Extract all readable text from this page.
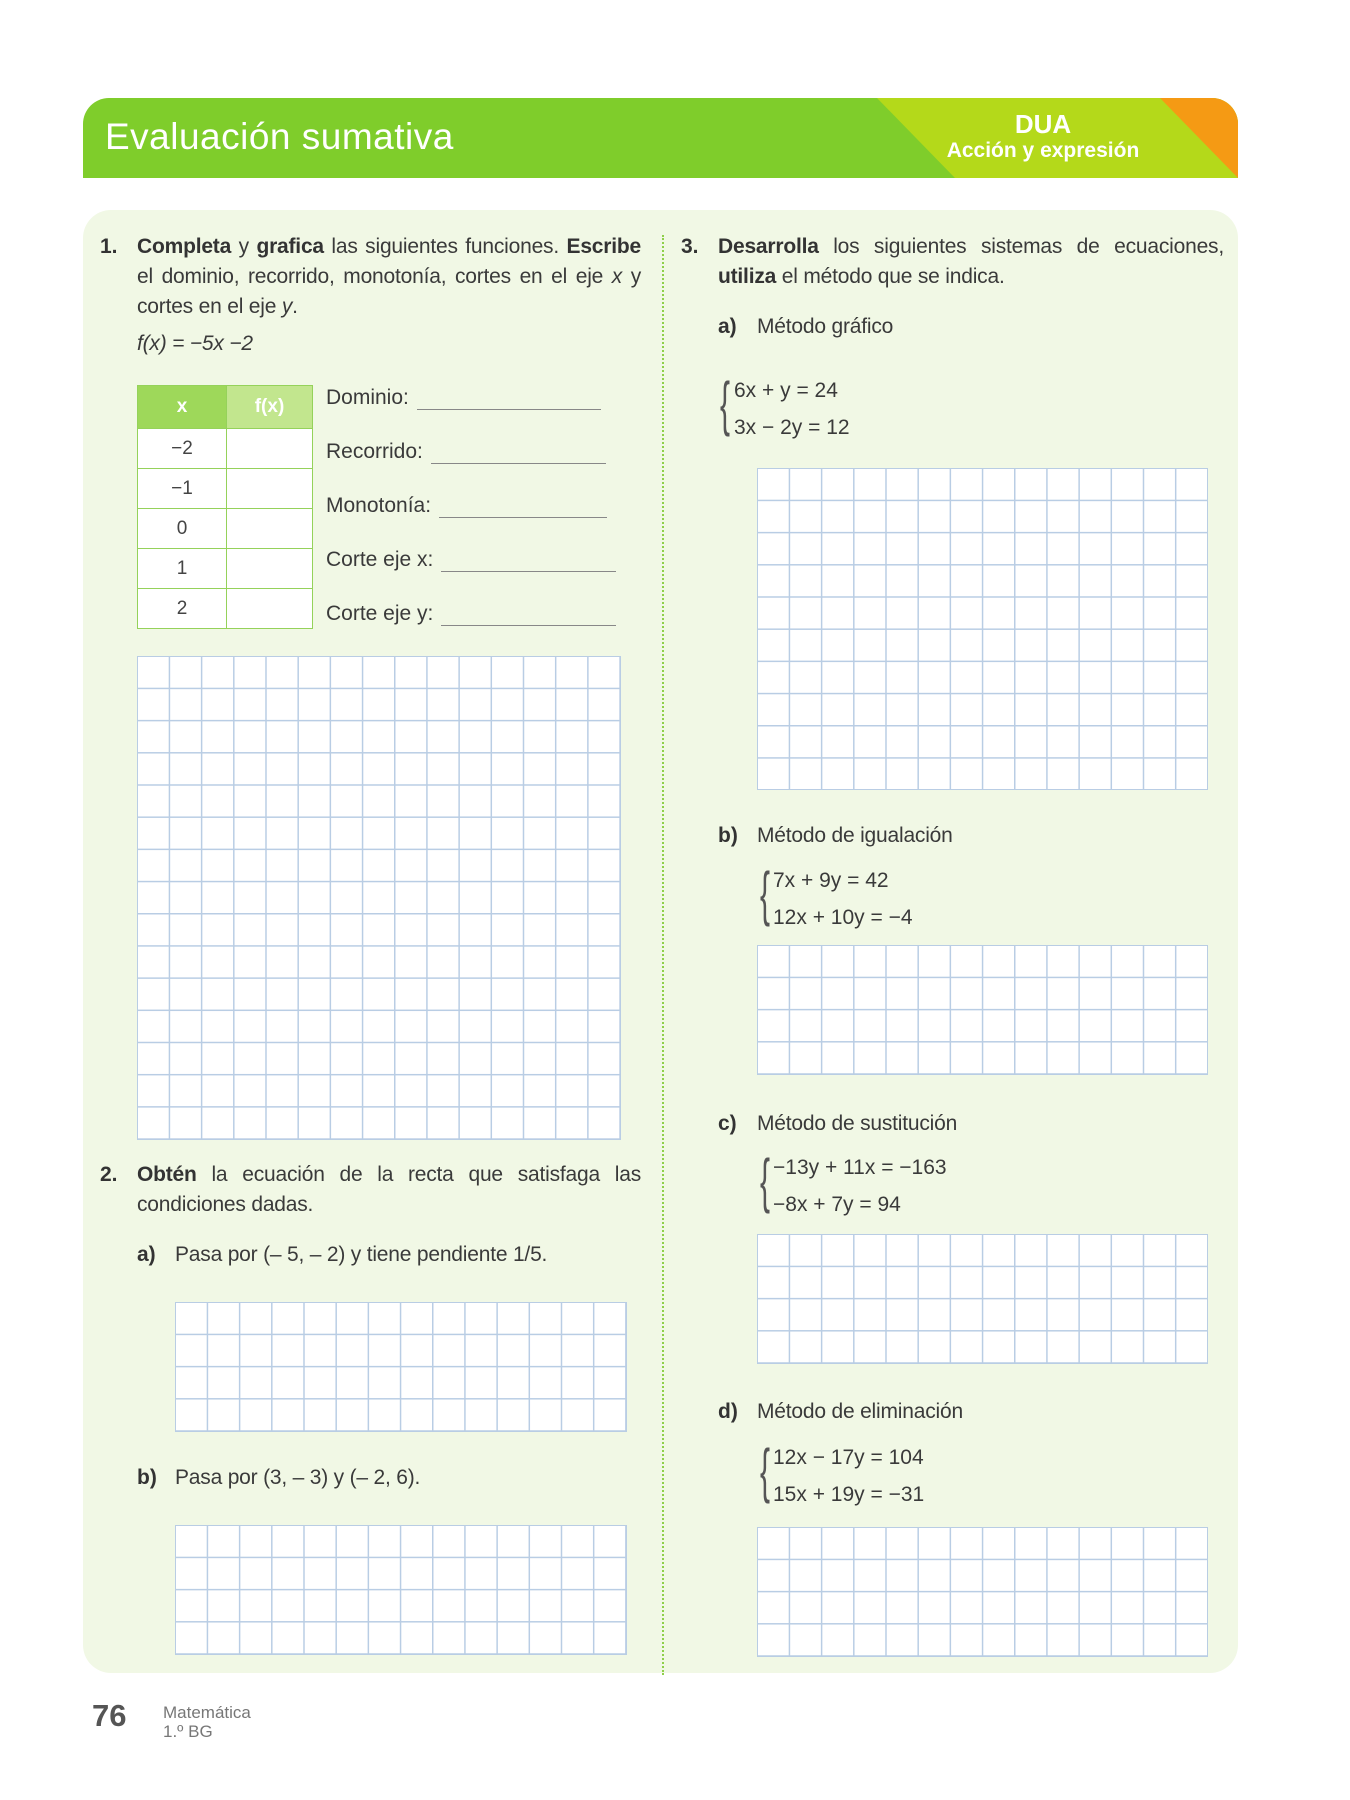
Evaluación sumativa	DUA
Acción y expresión
1. Completa y grafica las siguientes funciones. Escribe el dominio, recorrido, monotonía, cortes en el eje x y cortes en el eje y.
f(x) = −5x −2
x	f(x)
−2	
−1	
0	
1	
2	
Dominio:
Recorrido:
Monotonía:
Corte eje x:
Corte eje y:
2. Obtén la ecuación de la recta que satisfaga las condiciones dadas.
a) Pasa por (– 5, – 2) y tiene pendiente 1/5.
b) Pasa por (3, – 3) y (– 2, 6).
3. Desarrolla los siguientes sistemas de ecuaciones, utiliza el método que se indica.
a) Método gráfico
{ 6x + y = 24
3x − 2y = 12
b) Método de igualación
{ 7x + 9y = 42
12x + 10y = −4
c) Método de sustitución
{ −13y + 11x = −163
−8x + 7y = 94
d) Método de eliminación
{ 12x − 17y = 104
15x + 19y = −31
76 Matemática
1.º BG
